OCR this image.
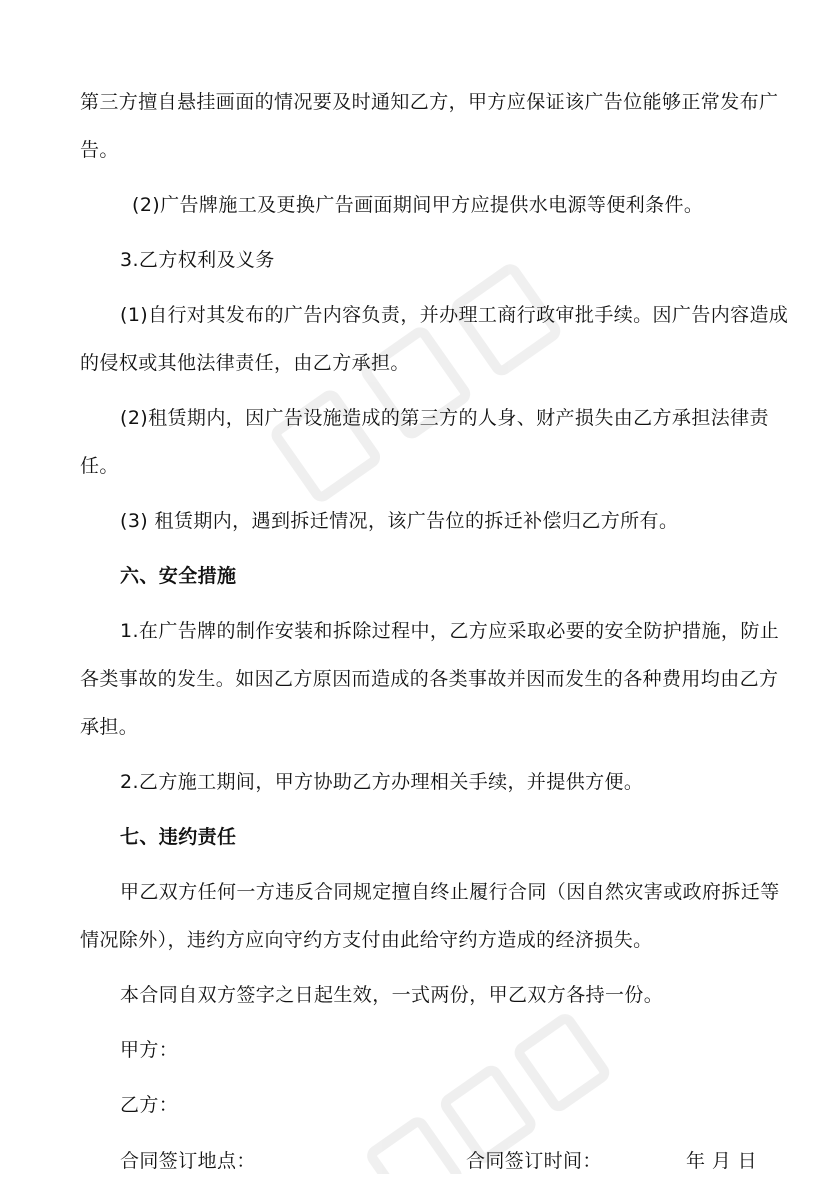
第三方擅自悬挂画面的情况要及时通知乙方，甲方应保证该广告位能够正常发布广告。

(2)广告牌施工及更换广告画面期间甲方应提供水电源等便利条件。

3.乙方权利及义务

(1)自行对其发布的广告内容负责，并办理工商行政审批手续。因广告内容造成的侵权或其他法律责任，由乙方承担。

(2)租赁期内，因广告设施造成的第三方的人身、财产损失由乙方承担法律责任。

(3) 租赁期内，遇到拆迁情况，该广告位的拆迁补偿归乙方所有。

六、安全措施

1.在广告牌的制作安装和拆除过程中，乙方应采取必要的安全防护措施，防止各类事故的发生。如因乙方原因而造成的各类事故并因而发生的各种费用均由乙方承担。

2.乙方施工期间，甲方协助乙方办理相关手续，并提供方便。

七、违约责任

甲乙双方任何一方违反合同规定擅自终止履行合同（因自然灾害或政府拆迁等情况除外），违约方应向守约方支付由此给守约方造成的经济损失。

本合同自双方签字之日起生效，一式两份，甲乙双方各持一份。

甲方：

乙方：

合同签订地点：	合同签订时间：	年 月 日
